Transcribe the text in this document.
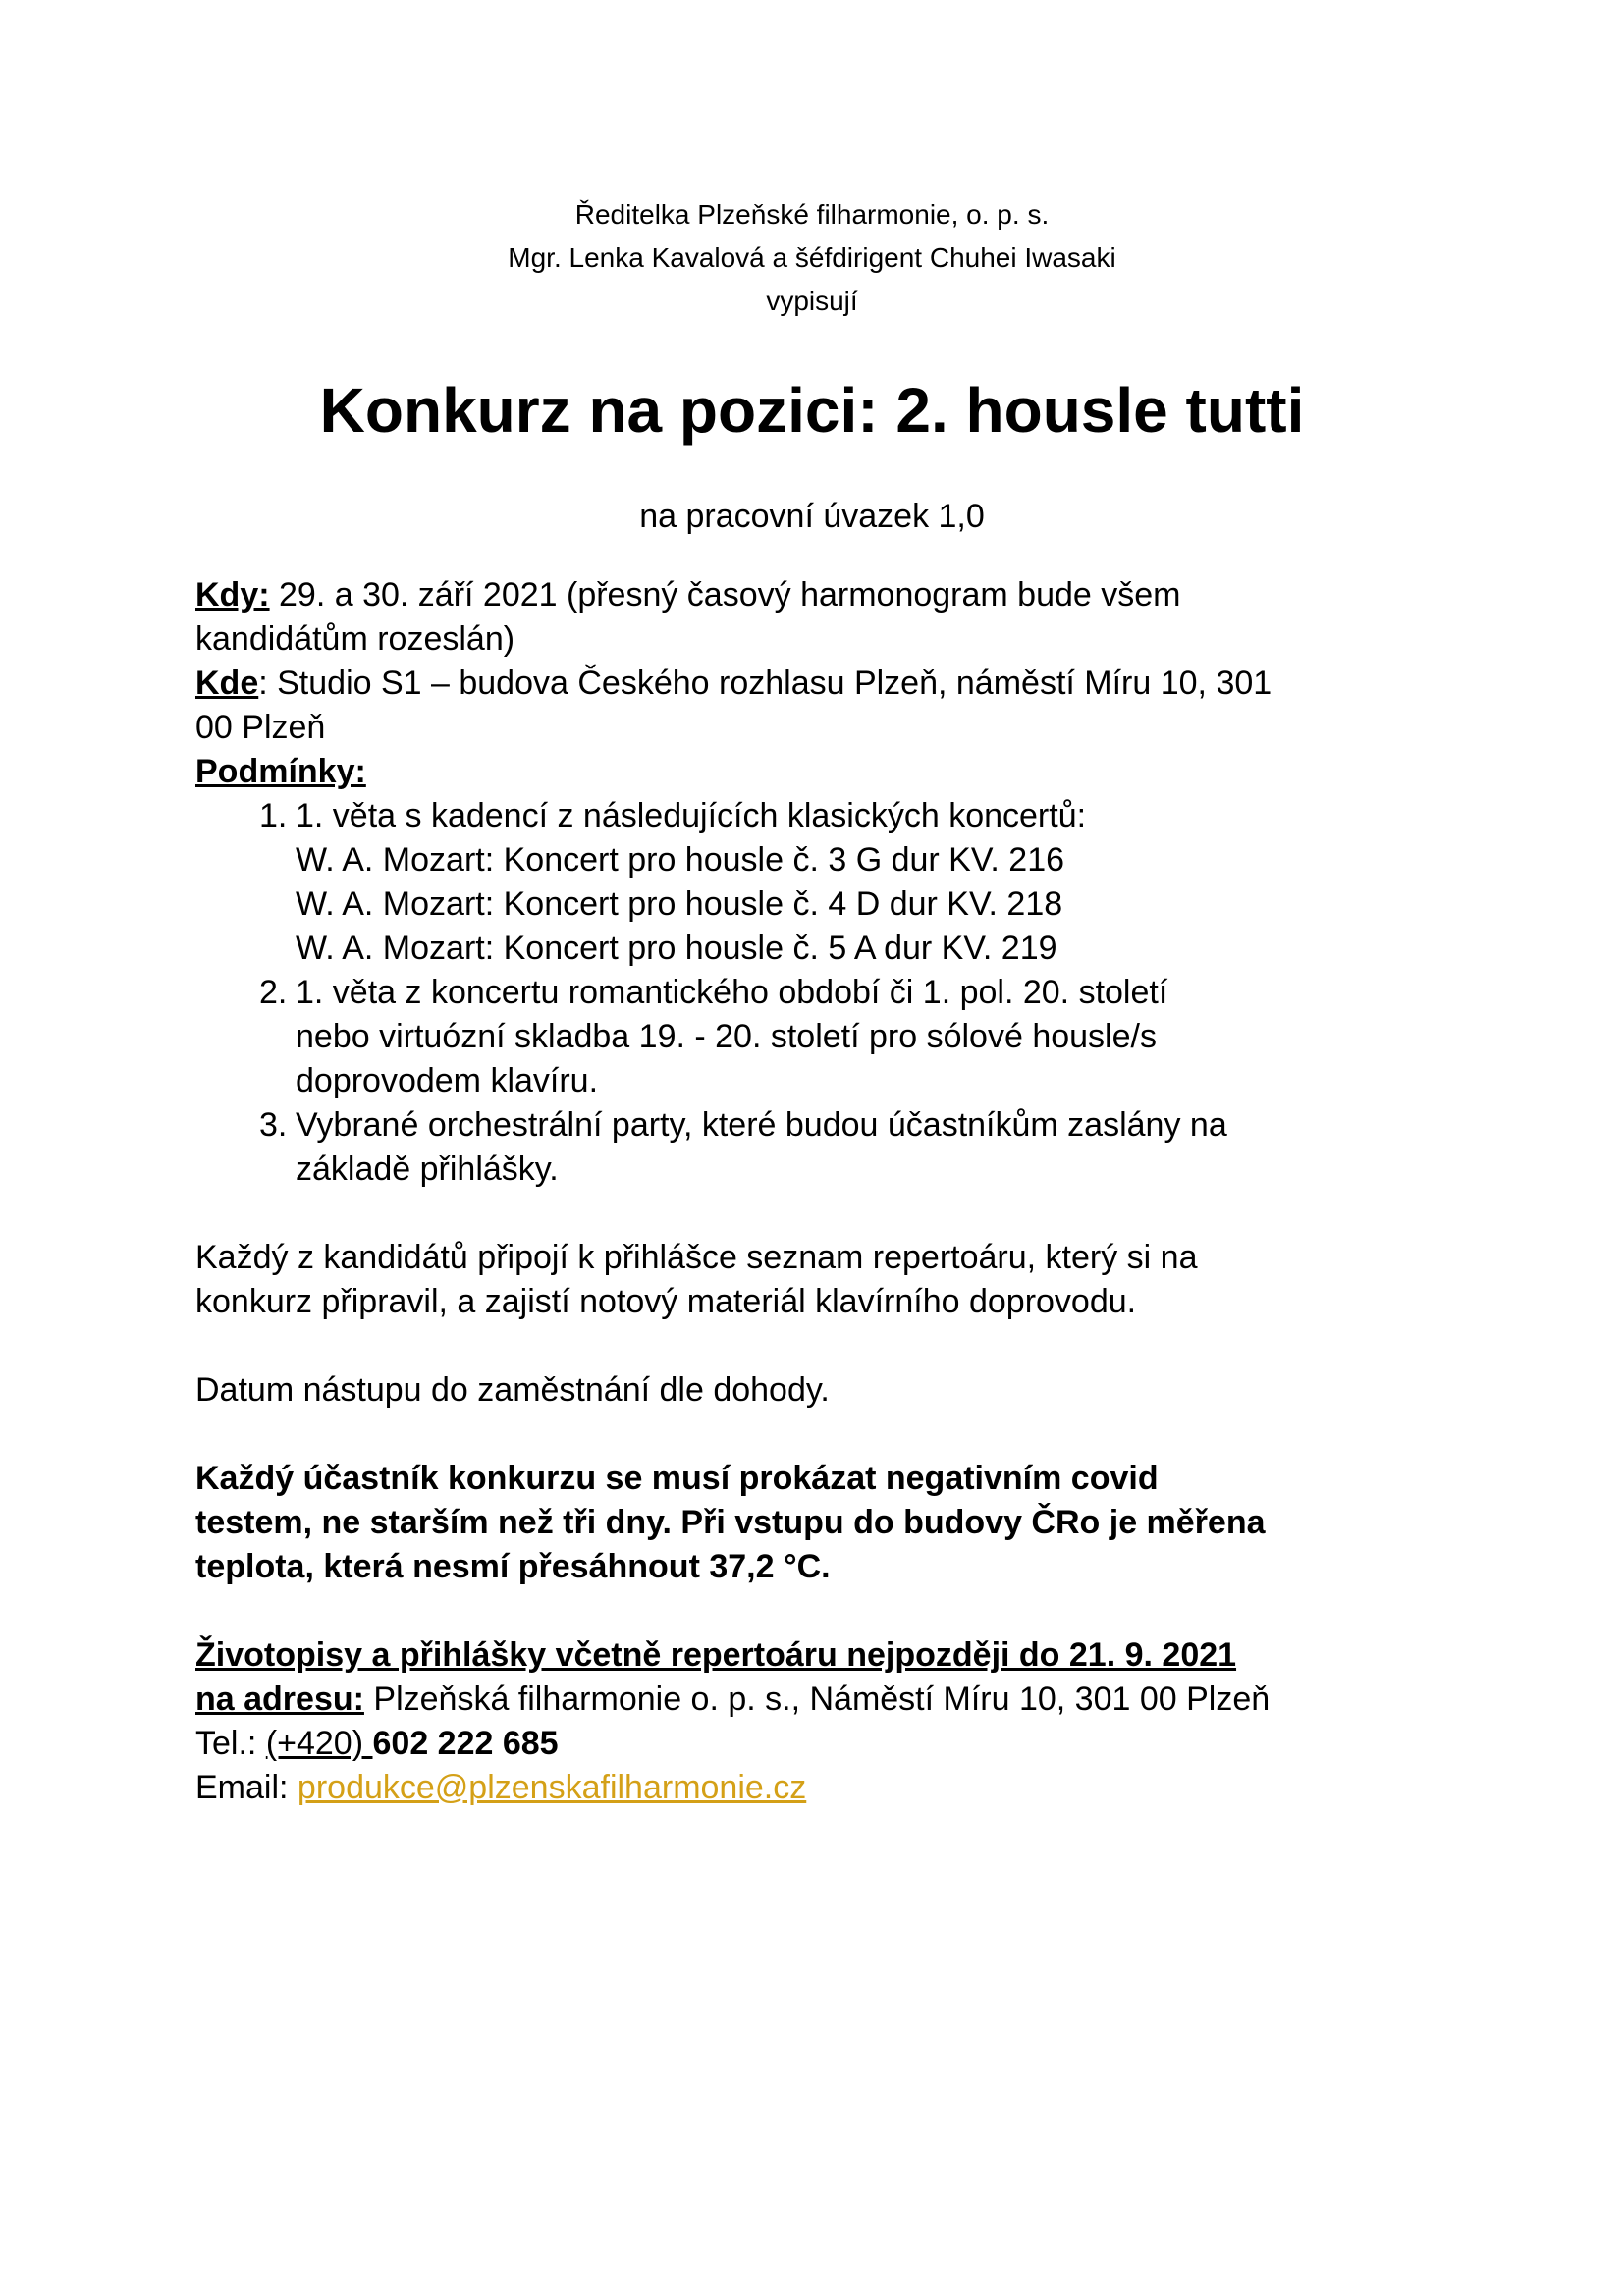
Ředitelka Plzeňské filharmonie, o. p. s.
Mgr. Lenka Kavalová a šéfdirigent Chuhei Iwasaki
vypisují
Konkurz na pozici: 2. housle tutti
na pracovní úvazek 1,0
Kdy: 29. a 30. září 2021 (přesný časový harmonogram bude všem
kandidátům rozeslán)
Kde: Studio S1 – budova Českého rozhlasu Plzeň, náměstí Míru 10, 301
00 Plzeň
Podmínky:
1. 1. věta s kadencí z následujících klasických koncertů:
W. A. Mozart: Koncert pro housle č. 3 G dur KV. 216
W. A. Mozart: Koncert pro housle č. 4 D dur KV. 218
W. A. Mozart: Koncert pro housle č. 5 A dur KV. 219
2. 1. věta z koncertu romantického období či 1. pol. 20. století
nebo virtuózní skladba 19. - 20. století pro sólové housle/s
doprovodem klavíru.
3. Vybrané orchestrální party, které budou účastníkům zaslány na
základě přihlášky.
Každý z kandidátů připojí k přihlášce seznam repertoáru, který si na
konkurz připravil, a zajistí notový materiál klavírního doprovodu.
Datum nástupu do zaměstnání dle dohody.
Každý účastník konkurzu se musí prokázat negativním covid
testem, ne starším než tři dny. Při vstupu do budovy ČRo je měřena
teplota, která nesmí přesáhnout 37,2 °C.
Životopisy a přihlášky včetně repertoáru nejpozději do 21. 9. 2021
na adresu: Plzeňská filharmonie o. p. s., Náměstí Míru 10, 301 00 Plzeň
Tel.: (+420) 602 222 685
Email: produkce@plzenskafilharmonie.cz
